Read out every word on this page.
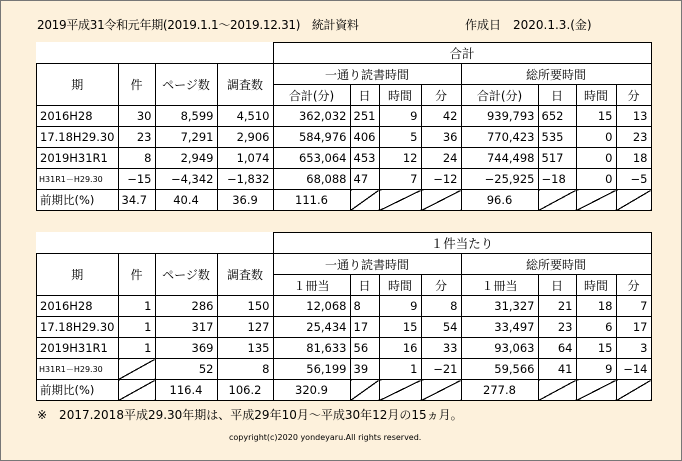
2019平成31令和元年期(2019.1.1～2019.12.31)　統計資料	作成日　2020.1.3.(金)
				合計							
期	件	ページ数	調査数	一通り読書時間				総所要時間			
				合計(分)	日	時間	分	合計(分)	日	時間	分
2016H28	30	8,599	4,510	362,032	251	9	42	939,793	652	15	13
17.18H29.30	23	7,291	2,906	584,976	406	5	36	770,423	535	0	23
2019H31R1	8	2,949	1,074	653,064	453	12	24	744,498	517	0	18
H31R1－H29.30	−15	−4,342	−1,832	68,088	47	7	−12	−25,925	−18	0	−5
前期比(%)	34.7	40.4	36.9	111.6				96.6			
				１件当たり							
期	件	ページ数	調査数	一通り読書時間				総所要時間			
				１冊当	日	時間	分	１冊当	日	時間	分
2016H28	1	286	150	12,068	8	9	8	31,327	21	18	7
17.18H29.30	1	317	127	25,434	17	15	54	33,497	23	6	17
2019H31R1	1	369	135	81,633	56	16	33	93,063	64	15	3
H31R1－H29.30		52	8	56,199	39	1	−21	59,566	41	9	−14
前期比(%)		116.4	106.2	320.9				277.8			
※　2017.2018平成29.30年期は、平成29年10月～平成30年12月の15ヵ月。
copyright(c)2020 yondeyaru.All rights reserved.
